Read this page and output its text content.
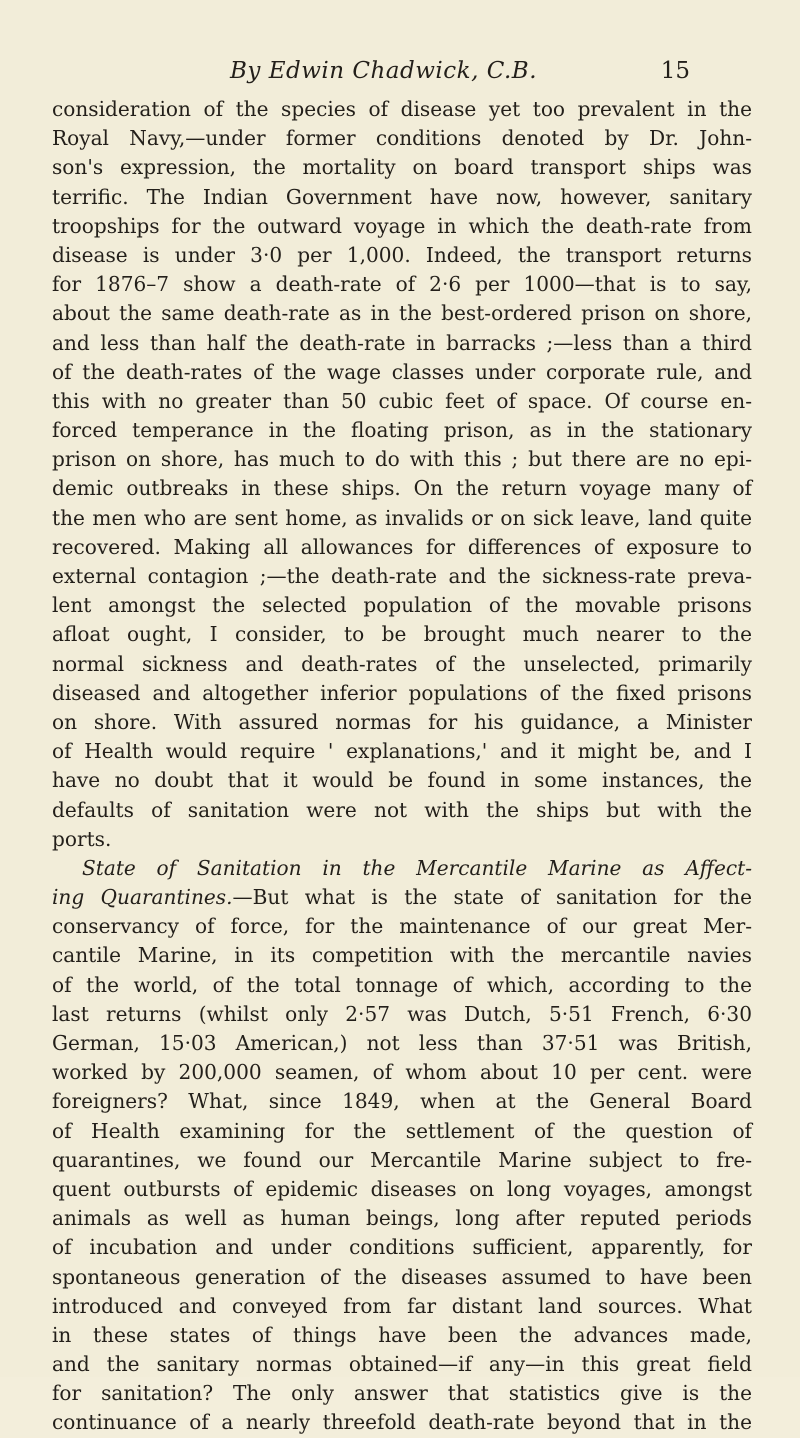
By Edwin Chadwick, C.B.	15
consideration of the species of disease yet too prevalent in the
Royal Navy,—under former conditions denoted by Dr. John-
son's expression, the mortality on board transport ships was
terrific. The Indian Government have now, however, sanitary
troopships for the outward voyage in which the death-rate from
disease is under 3·0 per 1,000. Indeed, the transport returns
for 1876–7 show a death-rate of 2·6 per 1000—that is to say,
about the same death-rate as in the best-ordered prison on shore,
and less than half the death-rate in barracks ;—less than a third
of the death-rates of the wage classes under corporate rule, and
this with no greater than 50 cubic feet of space. Of course en-
forced temperance in the floating prison, as in the stationary
prison on shore, has much to do with this ; but there are no epi-
demic outbreaks in these ships. On the return voyage many of
the men who are sent home, as invalids or on sick leave, land quite
recovered. Making all allowances for differences of exposure to
external contagion ;—the death-rate and the sickness-rate preva-
lent amongst the selected population of the movable prisons
afloat ought, I consider, to be brought much nearer to the
normal sickness and death-rates of the unselected, primarily
diseased and altogether inferior populations of the fixed prisons
on shore. With assured normas for his guidance, a Minister
of Health would require ' explanations,' and it might be, and I
have no doubt that it would be found in some instances, the
defaults of sanitation were not with the ships but with the
ports.
State of Sanitation in the Mercantile Marine as Affect-
ing Quarantines.—But what is the state of sanitation for the
conservancy of force, for the maintenance of our great Mer-
cantile Marine, in its competition with the mercantile navies
of the world, of the total tonnage of which, according to the
last returns (whilst only 2·57 was Dutch, 5·51 French, 6·30
German, 15·03 American,) not less than 37·51 was British,
worked by 200,000 seamen, of whom about 10 per cent. were
foreigners? What, since 1849, when at the General Board
of Health examining for the settlement of the question of
quarantines, we found our Mercantile Marine subject to fre-
quent outbursts of epidemic diseases on long voyages, amongst
animals as well as human beings, long after reputed periods
of incubation and under conditions sufficient, apparently, for
spontaneous generation of the diseases assumed to have been
introduced and conveyed from far distant land sources. What
in these states of things have been the advances made,
and the sanitary normas obtained—if any—in this great field
for sanitation? The only answer that statistics give is the
continuance of a nearly threefold death-rate beyond that in the
